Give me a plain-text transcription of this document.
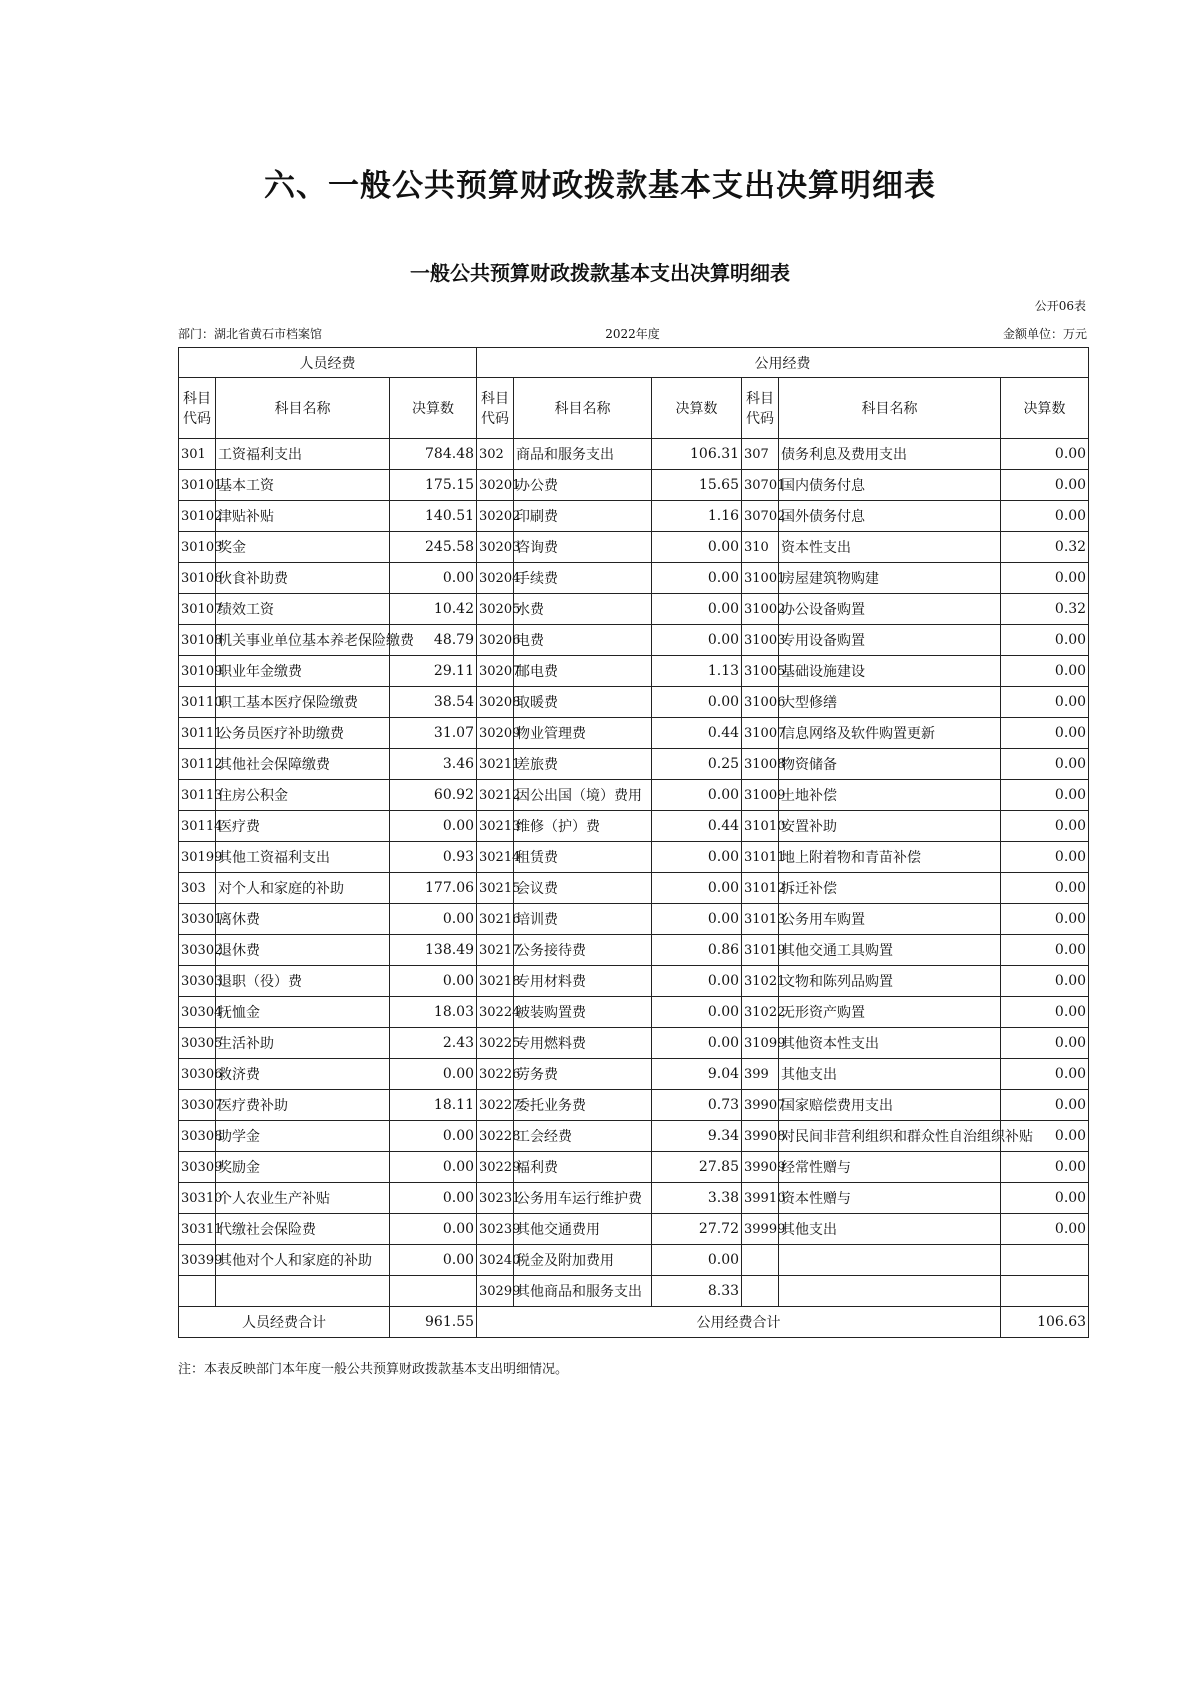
六、一般公共预算财政拨款基本支出决算明细表
一般公共预算财政拨款基本支出决算明细表
公开06表
部门：湖北省黄石市档案馆	2022年度	金额单位：万元
人员经费			公用经费					
科目代码	科目名称	决算数	科目代码	科目名称	决算数	科目代码	科目名称	决算数
301	工资福利支出	784.48	302	商品和服务支出	106.31	307	债务利息及费用支出	0.00
30101	基本工资	175.15	30201	办公费	15.65	30701	国内债务付息	0.00
30102	津贴补贴	140.51	30202	印刷费	1.16	30702	国外债务付息	0.00
30103	奖金	245.58	30203	咨询费	0.00	310	资本性支出	0.32
30106	伙食补助费	0.00	30204	手续费	0.00	31001	房屋建筑物购建	0.00
30107	绩效工资	10.42	30205	水费	0.00	31002	办公设备购置	0.32
30108	机关事业单位基本养老保险缴费	48.79	30206	电费	0.00	31003	专用设备购置	0.00
30109	职业年金缴费	29.11	30207	邮电费	1.13	31005	基础设施建设	0.00
30110	职工基本医疗保险缴费	38.54	30208	取暖费	0.00	31006	大型修缮	0.00
30111	公务员医疗补助缴费	31.07	30209	物业管理费	0.44	31007	信息网络及软件购置更新	0.00
30112	其他社会保障缴费	3.46	30211	差旅费	0.25	31008	物资储备	0.00
30113	住房公积金	60.92	30212	因公出国（境）费用	0.00	31009	土地补偿	0.00
30114	医疗费	0.00	30213	维修（护）费	0.44	31010	安置补助	0.00
30199	其他工资福利支出	0.93	30214	租赁费	0.00	31011	地上附着物和青苗补偿	0.00
303	对个人和家庭的补助	177.06	30215	会议费	0.00	31012	拆迁补偿	0.00
30301	离休费	0.00	30216	培训费	0.00	31013	公务用车购置	0.00
30302	退休费	138.49	30217	公务接待费	0.86	31019	其他交通工具购置	0.00
30303	退职（役）费	0.00	30218	专用材料费	0.00	31021	文物和陈列品购置	0.00
30304	抚恤金	18.03	30224	被装购置费	0.00	31022	无形资产购置	0.00
30305	生活补助	2.43	30225	专用燃料费	0.00	31099	其他资本性支出	0.00
30306	救济费	0.00	30226	劳务费	9.04	399	其他支出	0.00
30307	医疗费补助	18.11	30227	委托业务费	0.73	39907	国家赔偿费用支出	0.00
30308	助学金	0.00	30228	工会经费	9.34	39908	对民间非营利组织和群众性自治组织补贴	0.00
30309	奖励金	0.00	30229	福利费	27.85	39909	经常性赠与	0.00
30310	个人农业生产补贴	0.00	30231	公务用车运行维护费	3.38	39910	资本性赠与	0.00
30311	代缴社会保险费	0.00	30239	其他交通费用	27.72	39999	其他支出	0.00
30399	其他对个人和家庭的补助	0.00	30240	税金及附加费用	0.00			
			30299	其他商品和服务支出	8.33			
人员经费合计		961.55	公用经费合计					106.63
注：本表反映部门本年度一般公共预算财政拨款基本支出明细情况。
